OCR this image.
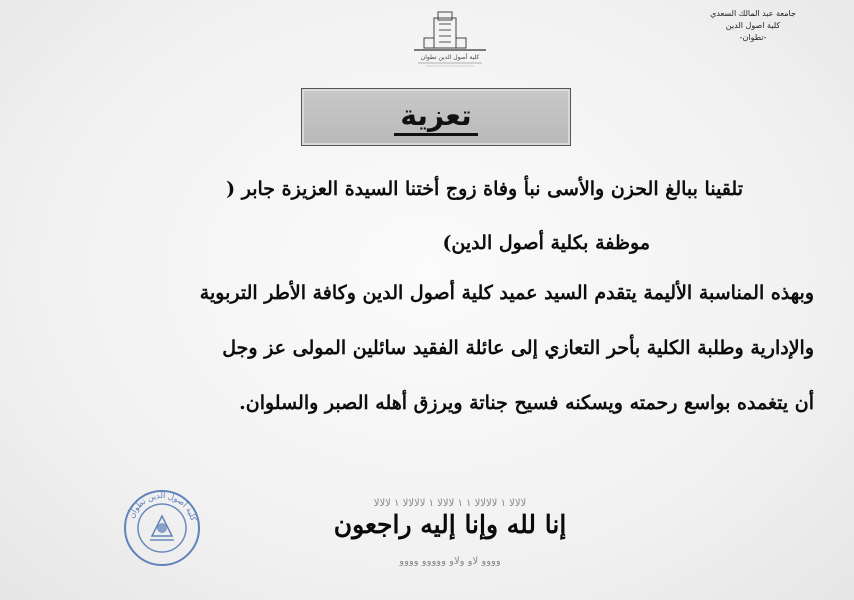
جامعة عبد المالك السعدي
كلية اصول الدين
-تطوان-
كلية أصول الدين تطوان
تعزية
تلقينا ببالغ الحزن والأسى نبأ وفاة زوج أختنا السيدة العزيزة جابر (
موظفة بكلية أصول الدين)
وبهذه المناسبة الأليمة يتقدم السيد عميد كلية أصول الدين وكافة الأطر التربوية
والإدارية وطلبة الكلية بأحر التعازي إلى عائلة الفقيد سائلين المولى عز وجل
أن يتغمده بواسع رحمته ويسكنه فسيح جناتة ويرزق أهله الصبر والسلوان.
كلية أصول الدين تطوان
ﻻﻻﻻ ١ ﻻﻻﻻﻻ ١ ١ ﻻﻻﻻ ١ ﻻﻻﻻﻻ ١ ﻻﻻﻻ
إنا لله وإنا إليه راجعون
ﻭﻭﻭﻭ ﻻﻭ ﻭﻻﻭ ﻭﻭﻭﻭﻭ ﻭﻭﻭﻭ
